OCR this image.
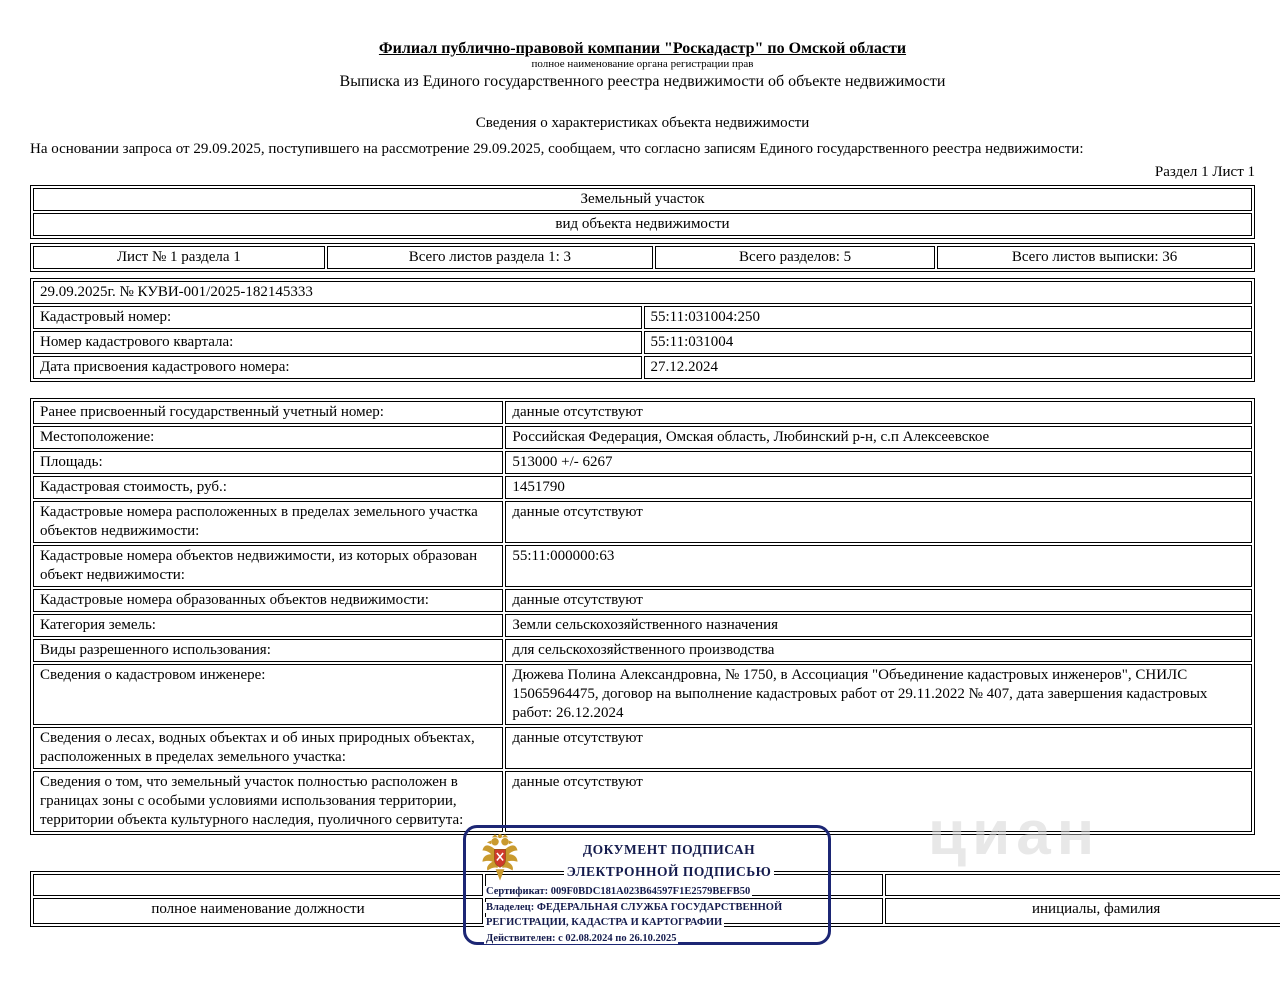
Филиал публично-правовой компании "Роскадастр" по Омской области
полное наименование органа регистрации прав
Выписка из Единого государственного реестра недвижимости об объекте недвижимости
Сведения о характеристиках объекта недвижимости
На основании запроса от 29.09.2025, поступившего на рассмотрение 29.09.2025, сообщаем, что согласно записям Единого государственного реестра недвижимости:
Раздел 1 Лист 1
Земельный участок
вид объекта недвижимости
Лист № 1 раздела 1	Всего листов раздела 1: 3	Всего разделов: 5	Всего листов выписки: 36
29.09.2025г. № КУВИ-001/2025-182145333	
Кадастровый номер:	55:11:031004:250
Номер кадастрового квартала:	55:11:031004
Дата присвоения кадастрового номера:	27.12.2024
Ранее присвоенный государственный учетный номер:	данные отсутствуют
Местоположение:	Российская Федерация, Омская область, Любинский р-н, с.п Алексеевское
Площадь:	513000 +/- 6267
Кадастровая стоимость, руб.:	1451790
Кадастровые номера расположенных в пределах земельного участка объектов недвижимости:	данные отсутствуют
Кадастровые номера объектов недвижимости, из которых образован объект недвижимости:	55:11:000000:63
Кадастровые номера образованных объектов недвижимости:	данные отсутствуют
Категория земель:	Земли сельскохозяйственного назначения
Виды разрешенного использования:	для сельскохозяйственного производства
Сведения о кадастровом инженере:	Дюжева Полина Александровна, № 1750, в Ассоциация "Объединение кадастровых инженеров", СНИЛС 15065964475, договор на выполнение кадастровых работ от 29.11.2022 № 407, дата завершения кадастровых работ: 26.12.2024
Сведения о лесах, водных объектах и об иных природных объектах, расположенных в пределах земельного участка:	данные отсутствуют
Сведения о том, что земельный участок полностью расположен в границах зоны с особыми условиями использования территории, территории объекта культурного наследия, пуоличного сервитута:	данные отсутствуют
циан

полное наименование должности		инициалы, фамилия
ДОКУМЕНТ ПОДПИСАН
ЭЛЕКТРОННОЙ ПОДПИСЬЮ
Сертификат: 009F0BDC181A023B64597F1E2579BEFB50
Владелец: ФЕДЕРАЛЬНАЯ СЛУЖБА ГОСУДАРСТВЕННОЙ
РЕГИСТРАЦИИ, КАДАСТРА И КАРТОГРАФИИ
Действителен: с 02.08.2024 по 26.10.2025
